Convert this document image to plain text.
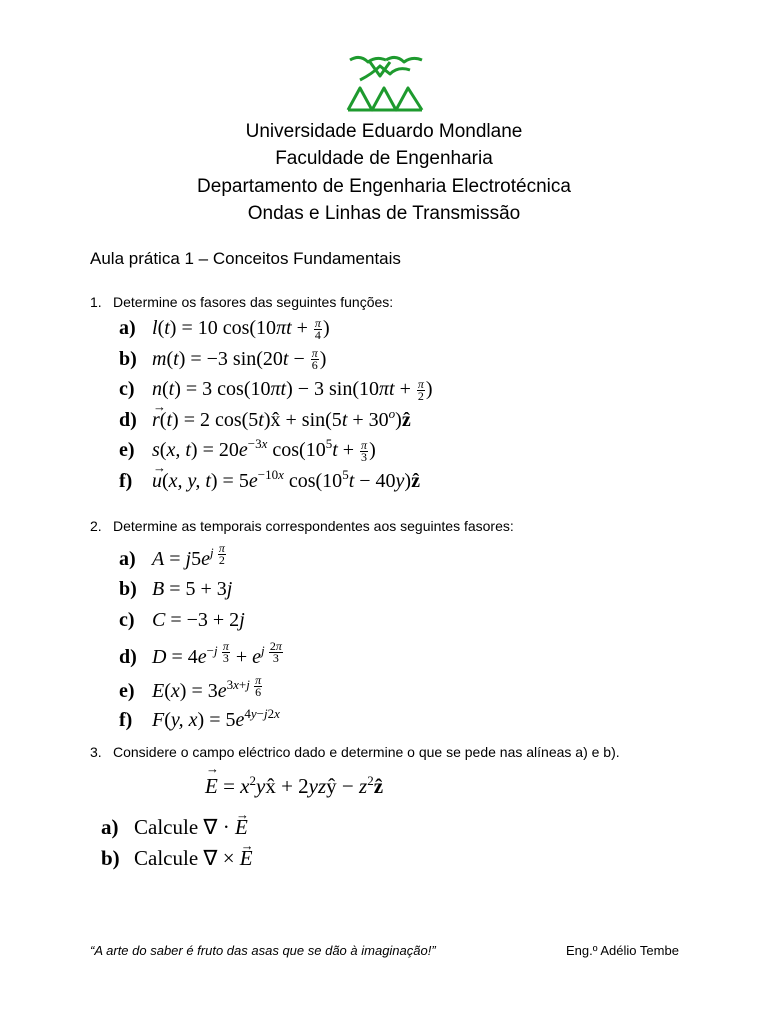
Universidade Eduardo Mondlane
Faculdade de Engenharia
Departamento de Engenharia Electrotécnica
Ondas e Linhas de Transmissão
Aula prática 1 – Conceitos Fundamentais
1. Determine os fasores das seguintes funções:
a) l(t) = 10 $\cos(10\pi t + \frac{\pi}{4}$ )
b) m(t) = −3 $\sin(20t - \frac{\pi}{6}$ )
c) n(t) = 3 cos(10πt) − 3 $\sin(10\pi t + \frac{\pi}{2}$ )
d) → r(t) = 2 cos(5t)x̂ + $\sin(5t + 30^o)ẑ$
e) s(x, $t) = 20e^{-3x}$ $\cos(10^5t + \frac{\pi}{3}$ )
f) → u(x, y, $t) = 5e^{-10x}$ $\cos(10^5t$ − 40y)ẑ
2. Determine as temporais correspondentes aos seguintes fasores:
a) $A = j5e^{j \frac{\pi}{2}}$
b) B = 5 + 3j
c) C = −3 + 2j
d) $D = 4e^{-j \frac{\pi}{3}} + e^{j \frac{2\pi}{3}}$
e) $E(x) = 3e^{3x+j \frac{\pi}{6}}$
f) F(y, $x) = 5e^{4y-j2x}$
3. Considere o campo eléctrico dado e determine o que se pede nas alíneas a) e b).
→ $E = x^2yx̂$ + 2yzŷ − $z^2ẑ$
a) Calcule ∇ · → E
b) Calcule ∇ × → E
“A arte do saber é fruto das asas que se dão à imaginação!”	Eng.º Adélio Tembe
